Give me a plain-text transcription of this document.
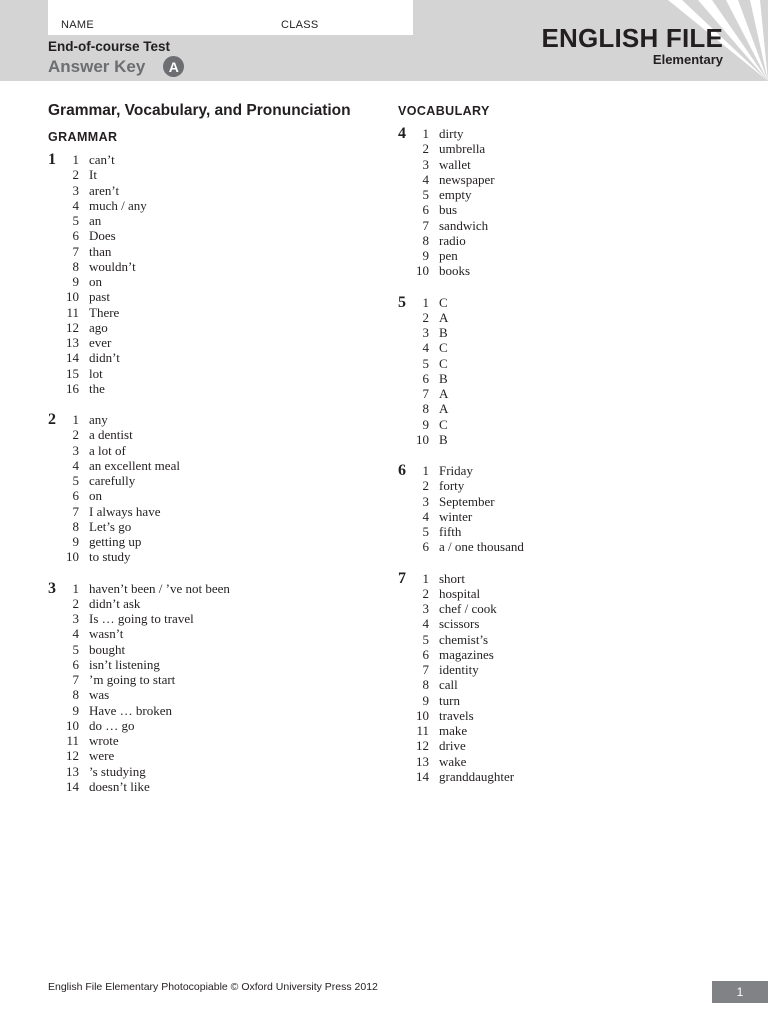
NAME	CLASS
End-of-course Test
Answer Key	A
ENGLISH FILE
Elementary
Grammar, Vocabulary, and Pronunciation
GRAMMAR
1	1 can’t
2 It
3 aren’t
4 much / any
5 an
6 Does
7 than
8 wouldn’t
9 on
10 past
11 There
12 ago
13 ever
14 didn’t
15 lot
16 the
2	1 any
2 a dentist
3 a lot of
4 an excellent meal
5 carefully
6 on
7 I always have
8 Let’s go
9 getting up
10 to study
3	1 haven’t been / ’ve not been
2 didn’t ask
3 Is … going to travel
4 wasn’t
5 bought
6 isn’t listening
7 ’m going to start
8 was
9 Have … broken
10 do … go
11 wrote
12 were
13 ’s studying
14 doesn’t like
VOCABULARY
4	1 dirty
2 umbrella
3 wallet
4 newspaper
5 empty
6 bus
7 sandwich
8 radio
9 pen
10 books
5	1 C
2 A
3 B
4 C
5 C
6 B
7 A
8 A
9 C
10 B
6	1 Friday
2 forty
3 September
4 winter
5 fifth
6 a / one thousand
7	1 short
2 hospital
3 chef / cook
4 scissors
5 chemist’s
6 magazines
7 identity
8 call
9 turn
10 travels
11 make
12 drive
13 wake
14 granddaughter
English File Elementary Photocopiable © Oxford University Press 2012	1
